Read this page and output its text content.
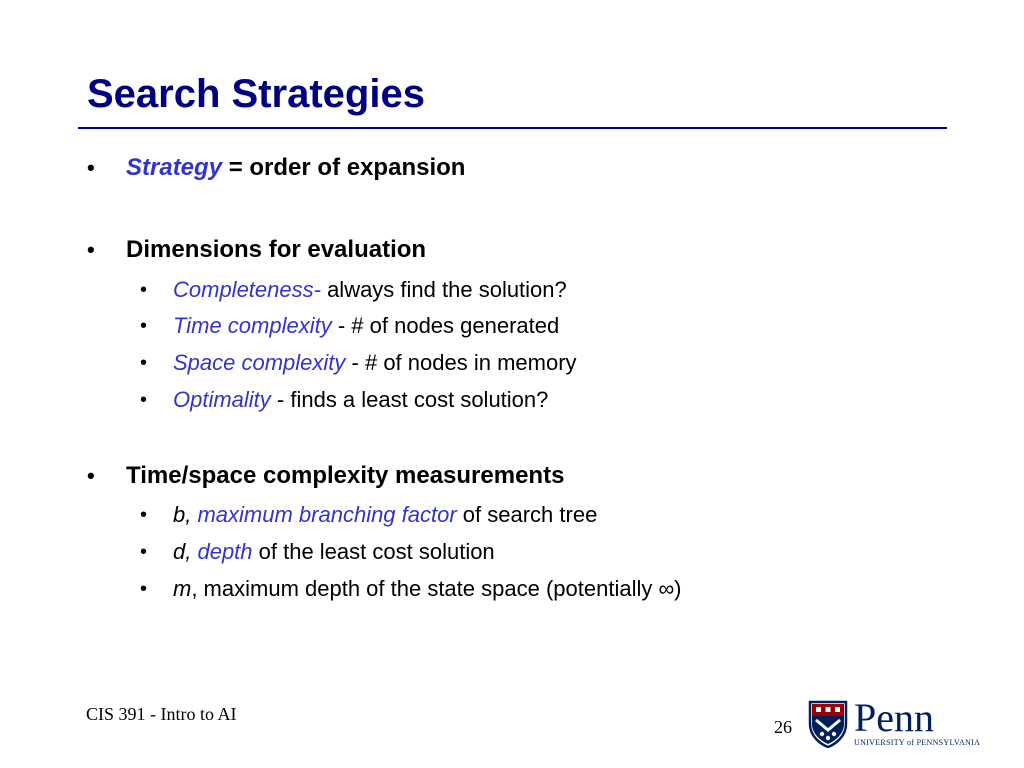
Search Strategies
• Strategy = order of expansion
• Dimensions for evaluation
• Completeness- always find the solution?
• Time complexity - # of nodes generated
• Space complexity - # of nodes in memory
• Optimality - finds a least cost solution?
• Time/space complexity measurements
• b, maximum branching factor of search tree
• d, depth of the least cost solution
• m, maximum depth of the state space (potentially ∞)
CIS 391 - Intro to AI
26 Penn
UNIVERSITY of PENNSYLVANIA
